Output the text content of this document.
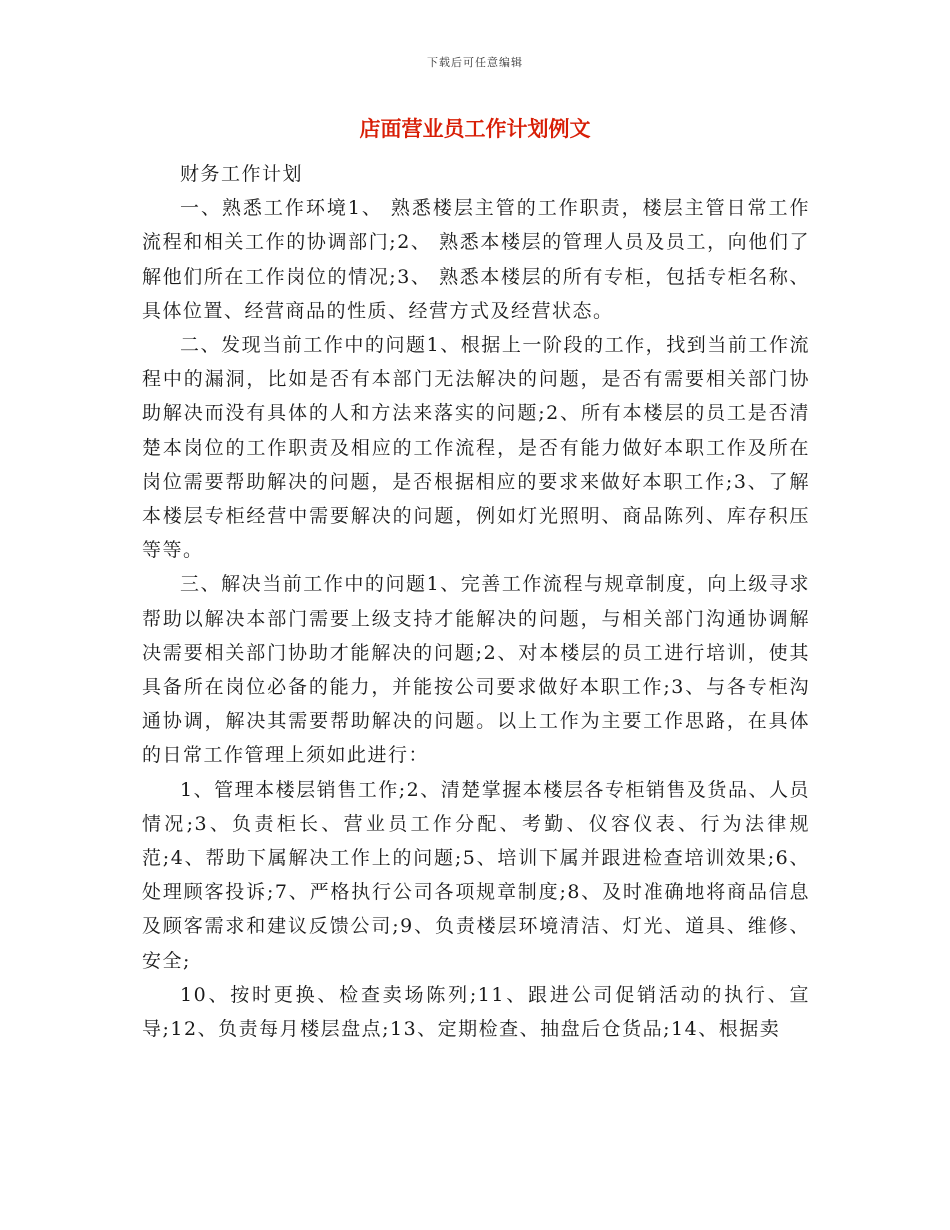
下载后可任意编辑
店面营业员工作计划例文

财务工作计划

一、熟悉工作环境1、 熟悉楼层主管的工作职责，楼层主管日常工作流程和相关工作的协调部门;2、 熟悉本楼层的管理人员及员工，向他们了解他们所在工作岗位的情况;3、 熟悉本楼层的所有专柜，包括专柜名称、具体位置、经营商品的性质、经营方式及经营状态。

二、发现当前工作中的问题1、根据上一阶段的工作，找到当前工作流程中的漏洞，比如是否有本部门无法解决的问题，是否有需要相关部门协助解决而没有具体的人和方法来落实的问题;2、所有本楼层的员工是否清楚本岗位的工作职责及相应的工作流程，是否有能力做好本职工作及所在岗位需要帮助解决的问题，是否根据相应的要求来做好本职工作;3、了解本楼层专柜经营中需要解决的问题，例如灯光照明、商品陈列、库存积压等等。

三、解决当前工作中的问题1、完善工作流程与规章制度，向上级寻求帮助以解决本部门需要上级支持才能解决的问题，与相关部门沟通协调解决需要相关部门协助才能解决的问题;2、对本楼层的员工进行培训，使其具备所在岗位必备的能力，并能按公司要求做好本职工作;3、与各专柜沟通协调，解决其需要帮助解决的问题。以上工作为主要工作思路，在具体的日常工作管理上须如此进行：

1、管理本楼层销售工作;2、清楚掌握本楼层各专柜销售及货品、人员情况;3、负责柜长、营业员工作分配、考勤、仪容仪表、行为法律规范;4、帮助下属解决工作上的问题;5、培训下属并跟进检查培训效果;6、处理顾客投诉;7、严格执行公司各项规章制度;8、及时准确地将商品信息及顾客需求和建议反馈公司;9、负责楼层环境清洁、灯光、道具、维修、安全;

10、按时更换、检查卖场陈列;11、跟进公司促销活动的执行、宣导;12、负责每月楼层盘点;13、定期检查、抽盘后仓货品;14、根据卖
